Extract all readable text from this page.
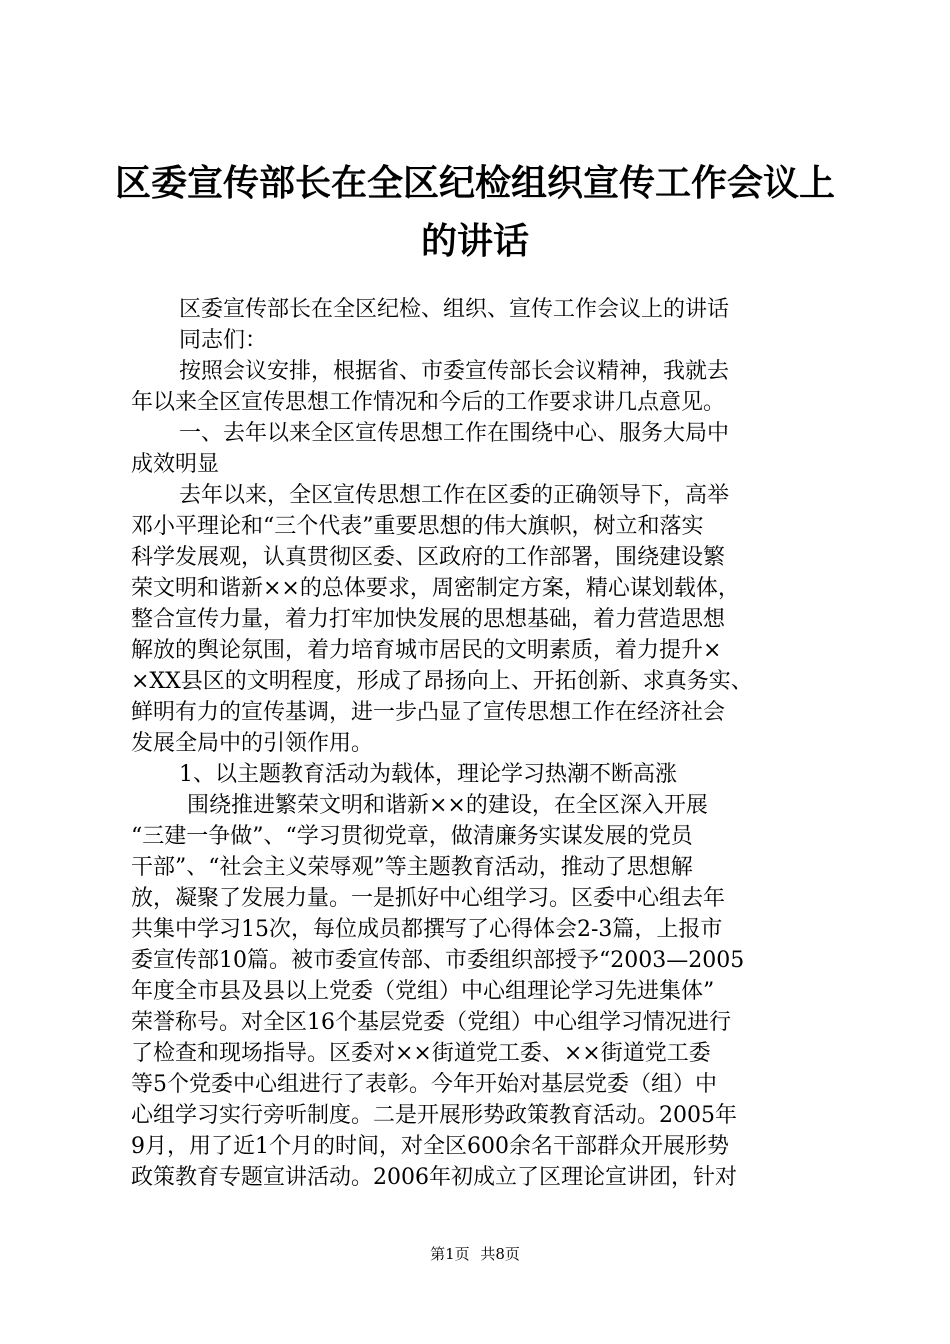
区委宣传部长在全区纪检组织宣传工作会议上
的讲话
区委宣传部长在全区纪检、组织、宣传工作会议上的讲话
同志们：
按照会议安排，根据省、市委宣传部长会议精神，我就去
年以来全区宣传思想工作情况和今后的工作要求讲几点意见。
一、去年以来全区宣传思想工作在围绕中心、服务大局中
成效明显
去年以来，全区宣传思想工作在区委的正确领导下，高举
邓小平理论和“三个代表”重要思想的伟大旗帜，树立和落实
科学发展观，认真贯彻区委、区政府的工作部署，围绕建设繁
荣文明和谐新××的总体要求，周密制定方案，精心谋划载体，
整合宣传力量，着力打牢加快发展的思想基础，着力营造思想
解放的舆论氛围，着力培育城市居民的文明素质，着力提升×
×XX县区的文明程度，形成了昂扬向上、开拓创新、求真务实、
鲜明有力的宣传基调，进一步凸显了宣传思想工作在经济社会
发展全局中的引领作用。
1、以主题教育活动为载体，理论学习热潮不断高涨
围绕推进繁荣文明和谐新××的建设，在全区深入开展
“三建一争做”、“学习贯彻党章，做清廉务实谋发展的党员
干部”、“社会主义荣辱观”等主题教育活动，推动了思想解
放，凝聚了发展力量。一是抓好中心组学习。区委中心组去年
共集中学习15次，每位成员都撰写了心得体会2-3篇，上报市
委宣传部10篇。被市委宣传部、市委组织部授予“2003—2005
年度全市县及县以上党委（党组）中心组理论学习先进集体”
荣誉称号。对全区16个基层党委（党组）中心组学习情况进行
了检查和现场指导。区委对××街道党工委、××街道党工委
等5个党委中心组进行了表彰。今年开始对基层党委（组）中
心组学习实行旁听制度。二是开展形势政策教育活动。2005年
9月，用了近1个月的时间，对全区600余名干部群众开展形势
政策教育专题宣讲活动。2006年初成立了区理论宣讲团，针对
第1页 共8页
